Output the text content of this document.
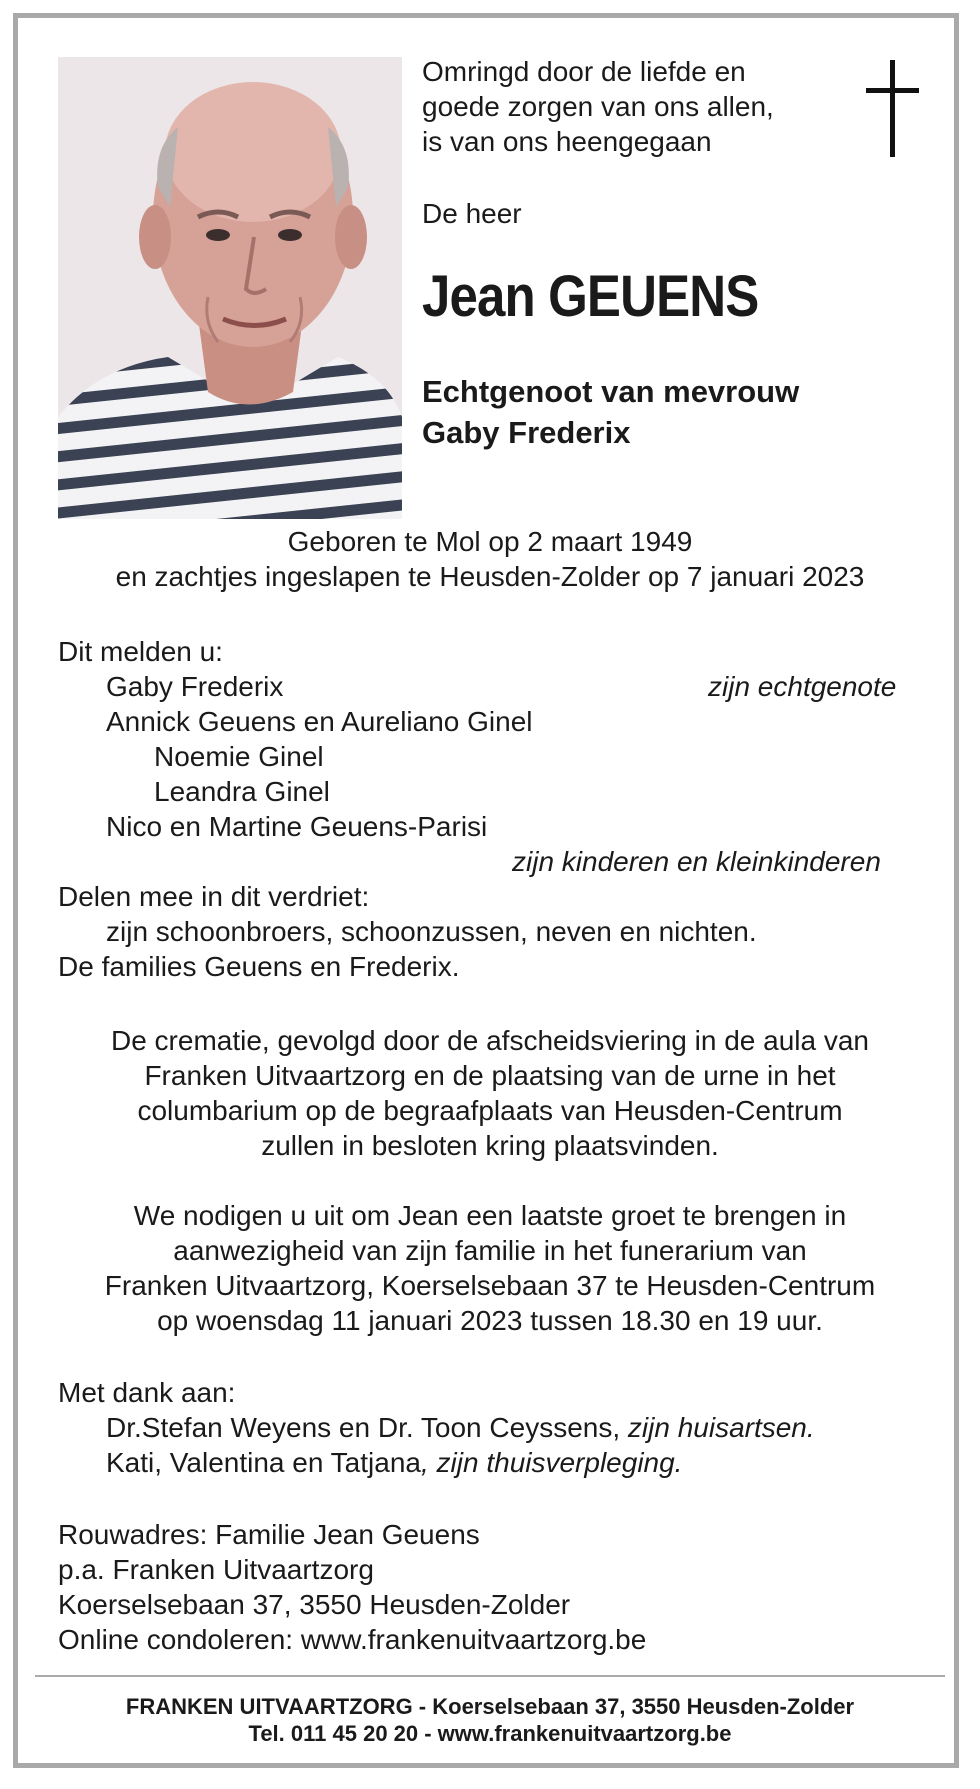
Omringd door de liefde en
goede zorgen van ons allen,
is van ons heengegaan
De heer
Jean GEUENS
Echtgenoot van mevrouw
Gaby Frederix
Geboren te Mol op 2 maart 1949
en zachtjes ingeslapen te Heusden-Zolder op 7 januari 2023
Dit melden u:
Gaby Frederix	zijn echtgenote
Annick Geuens en Aureliano Ginel
Noemie Ginel
Leandra Ginel
Nico en Martine Geuens-Parisi
zijn kinderen en kleinkinderen
Delen mee in dit verdriet:
zijn schoonbroers, schoonzussen, neven en nichten.
De families Geuens en Frederix.
De crematie, gevolgd door de afscheidsviering in de aula van
Franken Uitvaartzorg en de plaatsing van de urne in het
columbarium op de begraafplaats van Heusden-Centrum
zullen in besloten kring plaatsvinden.
We nodigen u uit om Jean een laatste groet te brengen in
aanwezigheid van zijn familie in het funerarium van
Franken Uitvaartzorg, Koerselsebaan 37 te Heusden-Centrum
op woensdag 11 januari 2023 tussen 18.30 en 19 uur.
Met dank aan:
Dr.Stefan Weyens en Dr. Toon Ceyssens, zijn huisartsen.
Kati, Valentina en Tatjana, zijn thuisverpleging.
Rouwadres: Familie Jean Geuens
p.a. Franken Uitvaartzorg
Koerselsebaan 37, 3550 Heusden-Zolder
Online condoleren: www.frankenuitvaartzorg.be
FRANKEN UITVAARTZORG - Koerselsebaan 37, 3550 Heusden-Zolder
Tel. 011 45 20 20 - www.frankenuitvaartzorg.be
